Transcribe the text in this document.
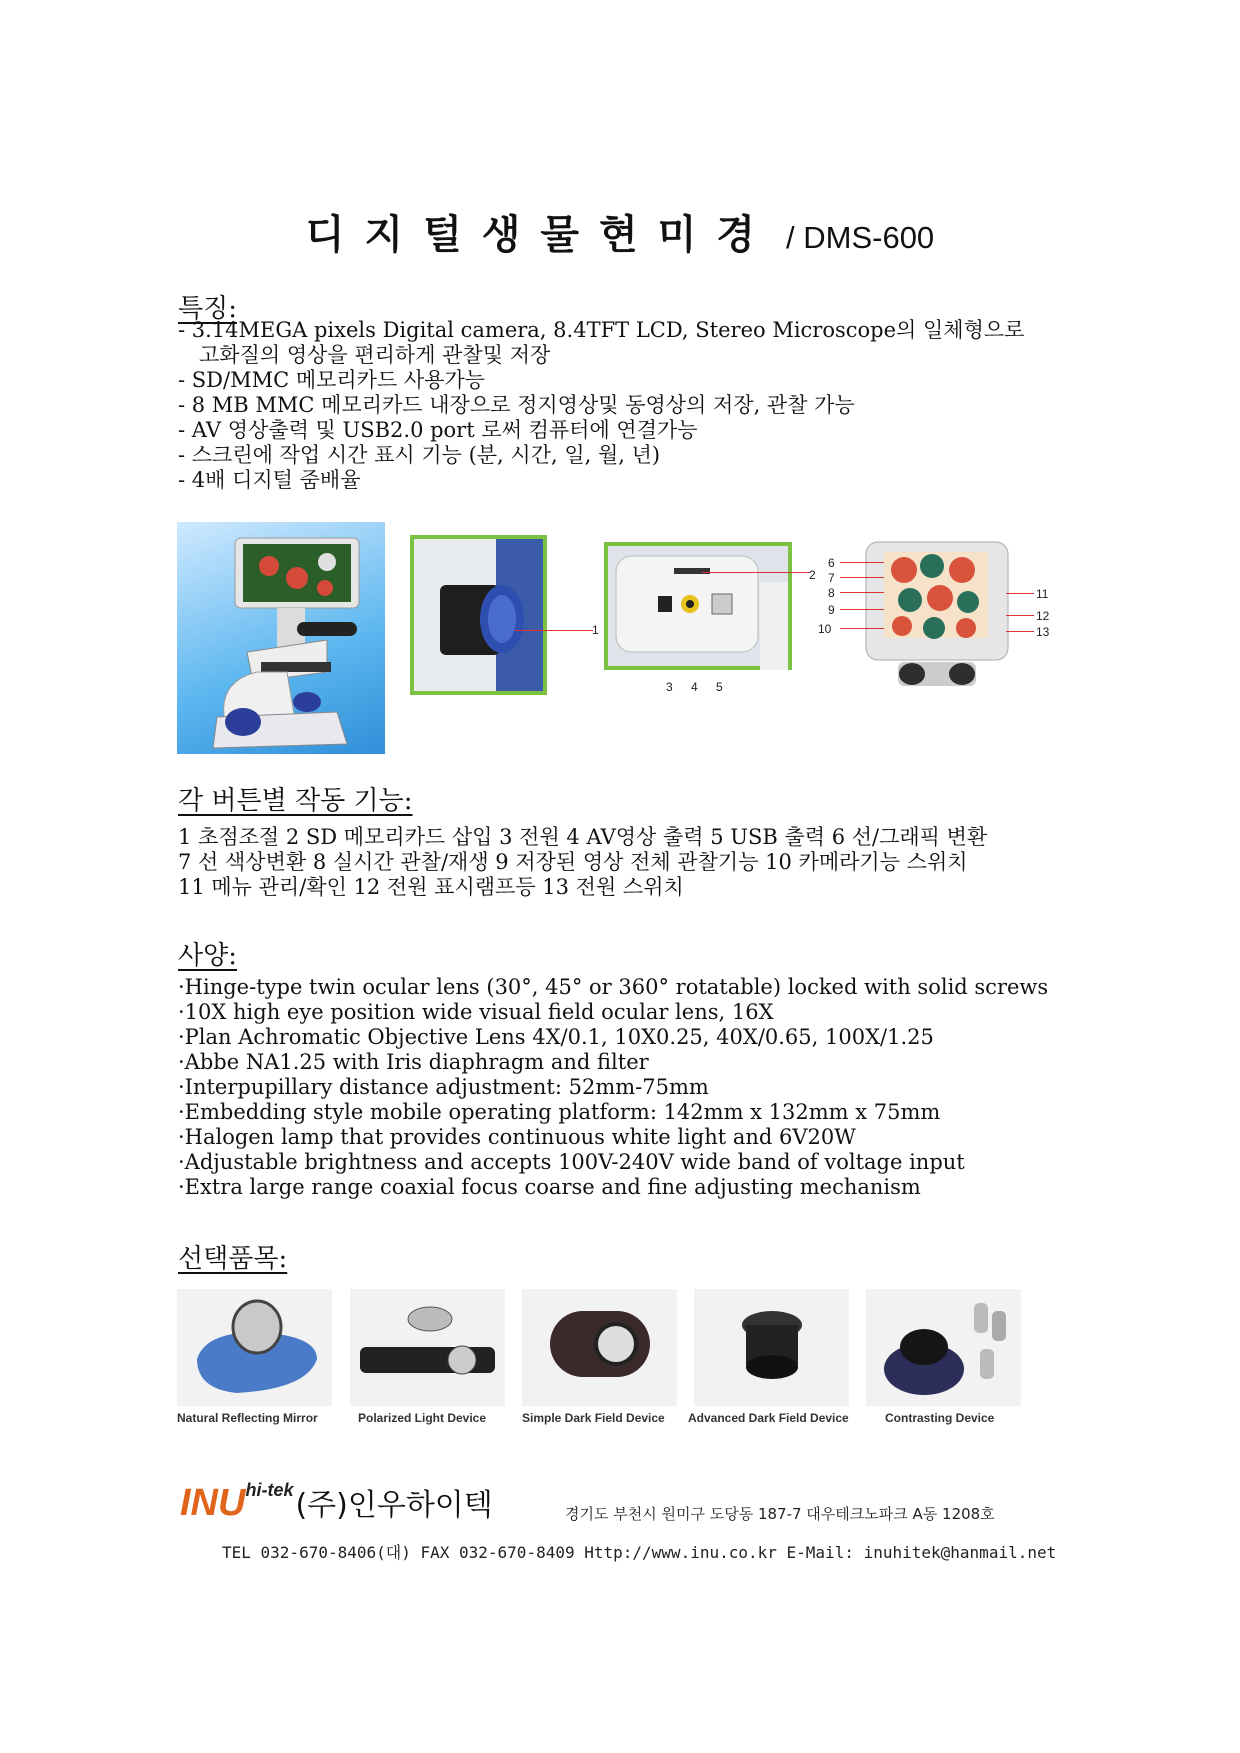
디지털생물현미경 / DMS-600
특징:
- 3.14MEGA pixels Digital camera, 8.4TFT LCD, Stereo Microscope의 일체형으로
고화질의 영상을 편리하게 관찰및 저장
- SD/MMC 메모리카드 사용가능
- 8 MB MMC 메모리카드 내장으로 정지영상및 동영상의 저장, 관찰 가능
- AV 영상출력 및 USB2.0 port 로써 컴퓨터에 연결가능
- 스크린에 작업 시간 표시 기능 (분, 시간, 일, 월, 년)
- 4배 디지털 줌배율
1
2
3 4 5
6
7
8
9
10
11
12
13
각 버튼별 작동 기능:
1 초점조절 2 SD 메모리카드 삽입 3 전원 4 AV영상 출력 5 USB 출력 6 선/그래픽 변환
7 선 색상변환 8 실시간 관찰/재생 9 저장된 영상 전체 관찰기능 10 카메라기능 스위치
11 메뉴 관리/확인 12 전원 표시램프등 13 전원 스위치
사양:
·Hinge-type twin ocular lens (30°, 45° or 360° rotatable) locked with solid screws
·10X high eye position wide visual field ocular lens, 16X
·Plan Achromatic Objective Lens 4X/0.1, 10X0.25, 40X/0.65, 100X/1.25
·Abbe NA1.25 with Iris diaphragm and filter
·Interpupillary distance adjustment: 52mm-75mm
·Embedding style mobile operating platform: 142mm x 132mm x 75mm
·Halogen lamp that provides continuous white light and 6V20W
·Adjustable brightness and accepts 100V-240V wide band of voltage input
·Extra large range coaxial focus coarse and fine adjusting mechanism
선택품목:
Natural Reflecting Mirror	Polarized Light Device	Simple Dark Field Device Advanced Dark Field Device	Contrasting Device
INUhi-tek(주)인우하이텍	경기도 부천시 원미구 도당동 187-7 대우테크노파크 A동 1208호
TEL 032-670-8406(대) FAX 032-670-8409 Http://www.inu.co.kr E-Mail: inuhitek@hanmail.net
